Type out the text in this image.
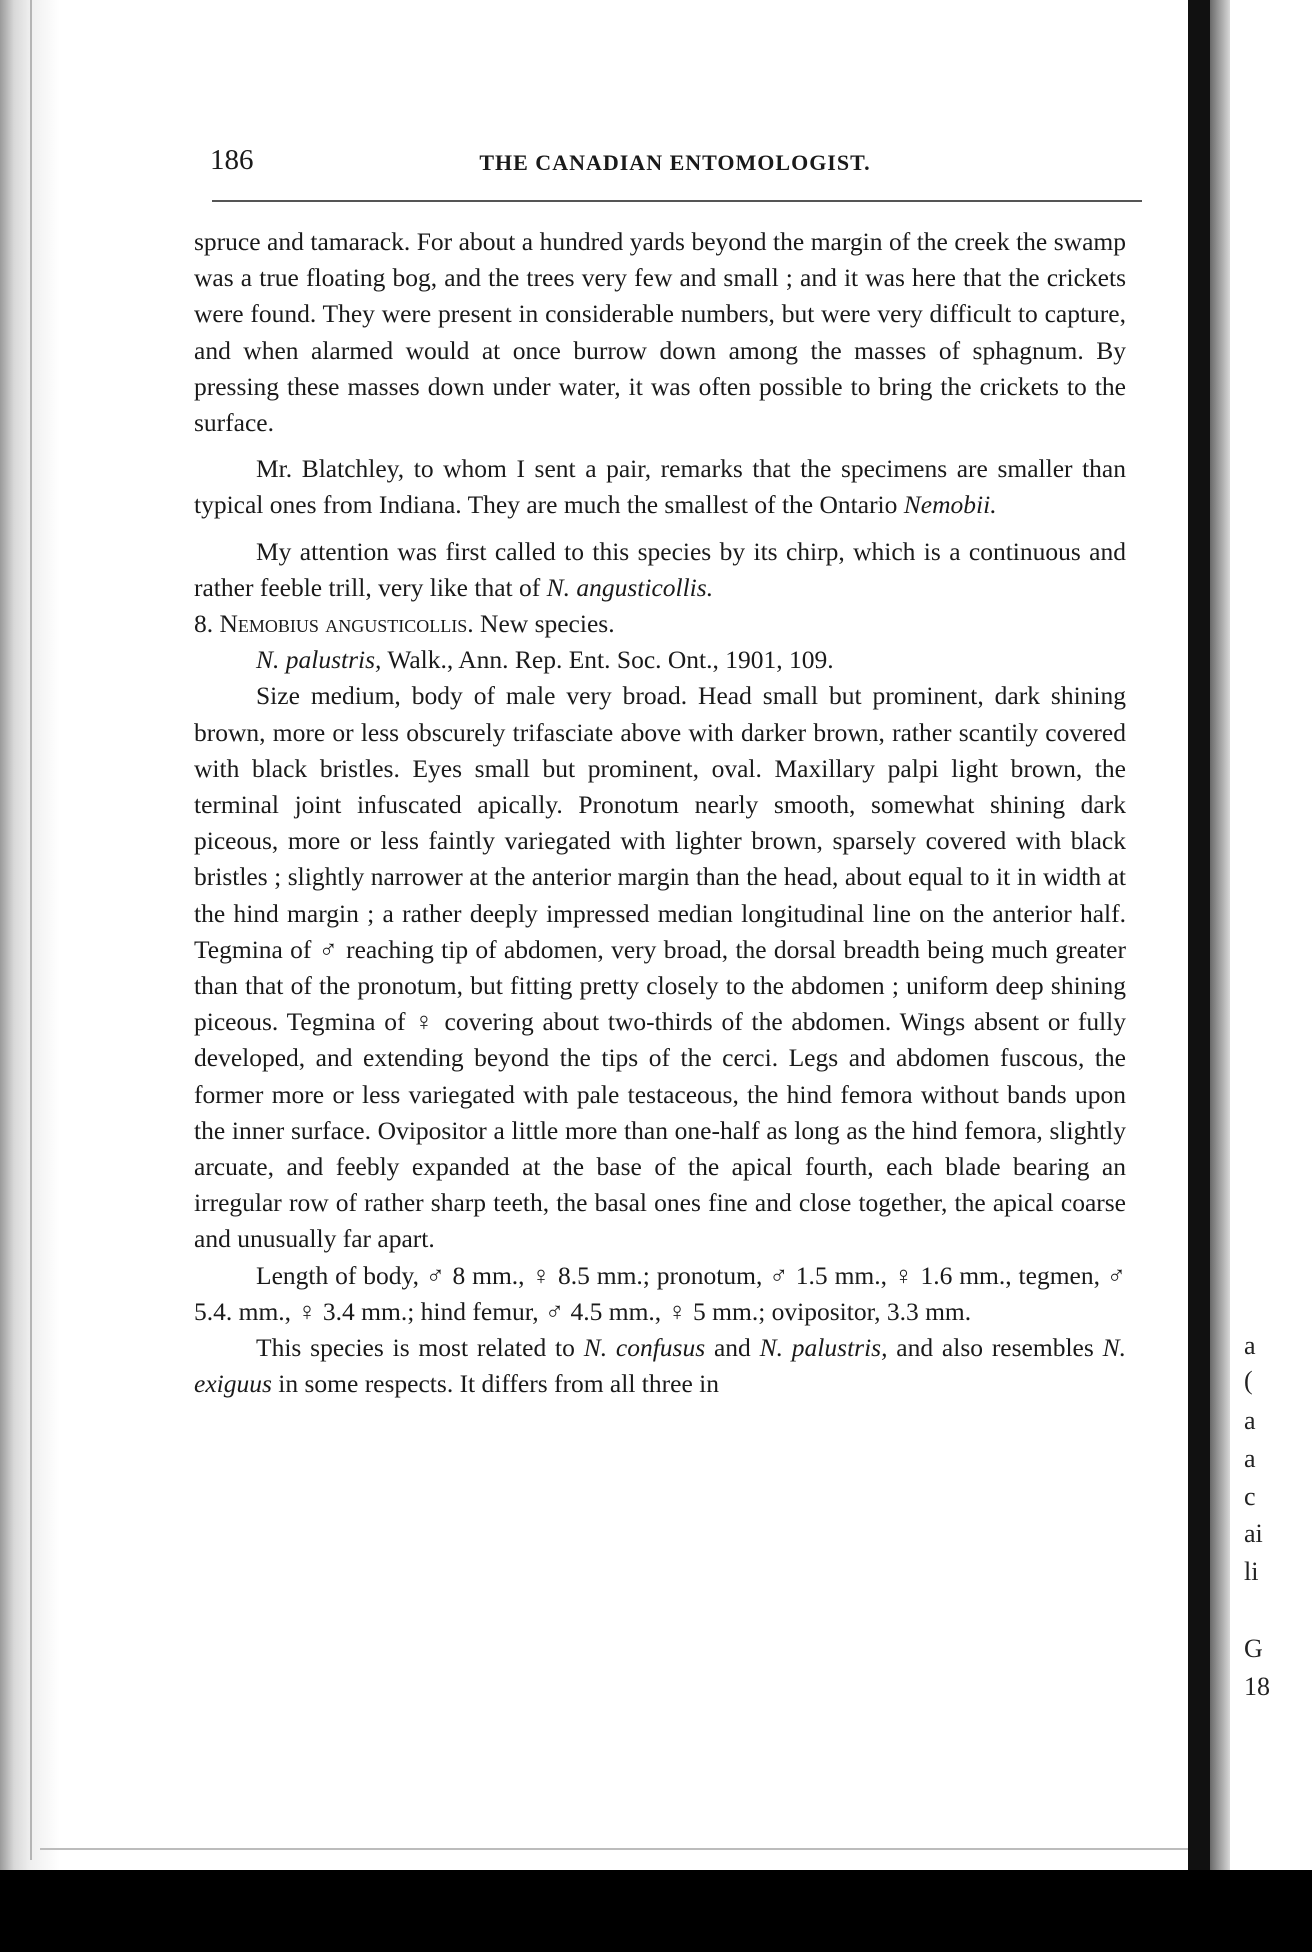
186	THE CANADIAN ENTOMOLOGIST.

spruce and tamarack. For about a hundred yards beyond the margin of the creek the swamp was a true floating bog, and the trees very few and small ; and it was here that the crickets were found. They were present in considerable numbers, but were very difficult to capture, and when alarmed would at once burrow down among the masses of sphagnum. By pressing these masses down under water, it was often possible to bring the crickets to the surface.

Mr. Blatchley, to whom I sent a pair, remarks that the specimens are smaller than typical ones from Indiana. They are much the smallest of the Ontario Nemobii.

My attention was first called to this species by its chirp, which is a continuous and rather feeble trill, very like that of N. angusticollis.

8. Nemobius angusticollis. New species.

N. palustris, Walk., Ann. Rep. Ent. Soc. Ont., 1901, 109.

Size medium, body of male very broad. Head small but prominent, dark shining brown, more or less obscurely trifasciate above with darker brown, rather scantily covered with black bristles. Eyes small but prominent, oval. Maxillary palpi light brown, the terminal joint infuscated apically. Pronotum nearly smooth, somewhat shining dark piceous, more or less faintly variegated with lighter brown, sparsely covered with black bristles ; slightly narrower at the anterior margin than the head, about equal to it in width at the hind margin ; a rather deeply impressed median longitudinal line on the anterior half. Tegmina of ♂ reaching tip of abdomen, very broad, the dorsal breadth being much greater than that of the pronotum, but fitting pretty closely to the abdomen ; uniform deep shining piceous. Tegmina of ♀ covering about two-thirds of the abdomen. Wings absent or fully developed, and extending beyond the tips of the cerci. Legs and abdomen fuscous, the former more or less variegated with pale testaceous, the hind femora without bands upon the inner surface. Ovipositor a little more than one-half as long as the hind femora, slightly arcuate, and feebly expanded at the base of the apical fourth, each blade bearing an irregular row of rather sharp teeth, the basal ones fine and close together, the apical coarse and unusually far apart.

Length of body, ♂ 8 mm., ♀ 8.5 mm.; pronotum, ♂ 1.5 mm., ♀ 1.6 mm., tegmen, ♂ 5.4. mm., ♀ 3.4 mm.; hind femur, ♂ 4.5 mm., ♀ 5 mm.; ovipositor, 3.3 mm.

This species is most related to N. confusus and N. palustris, and also resembles N. exiguus in some respects. It differs from all three in

a
(
a
a
c
ai
li
G
18
